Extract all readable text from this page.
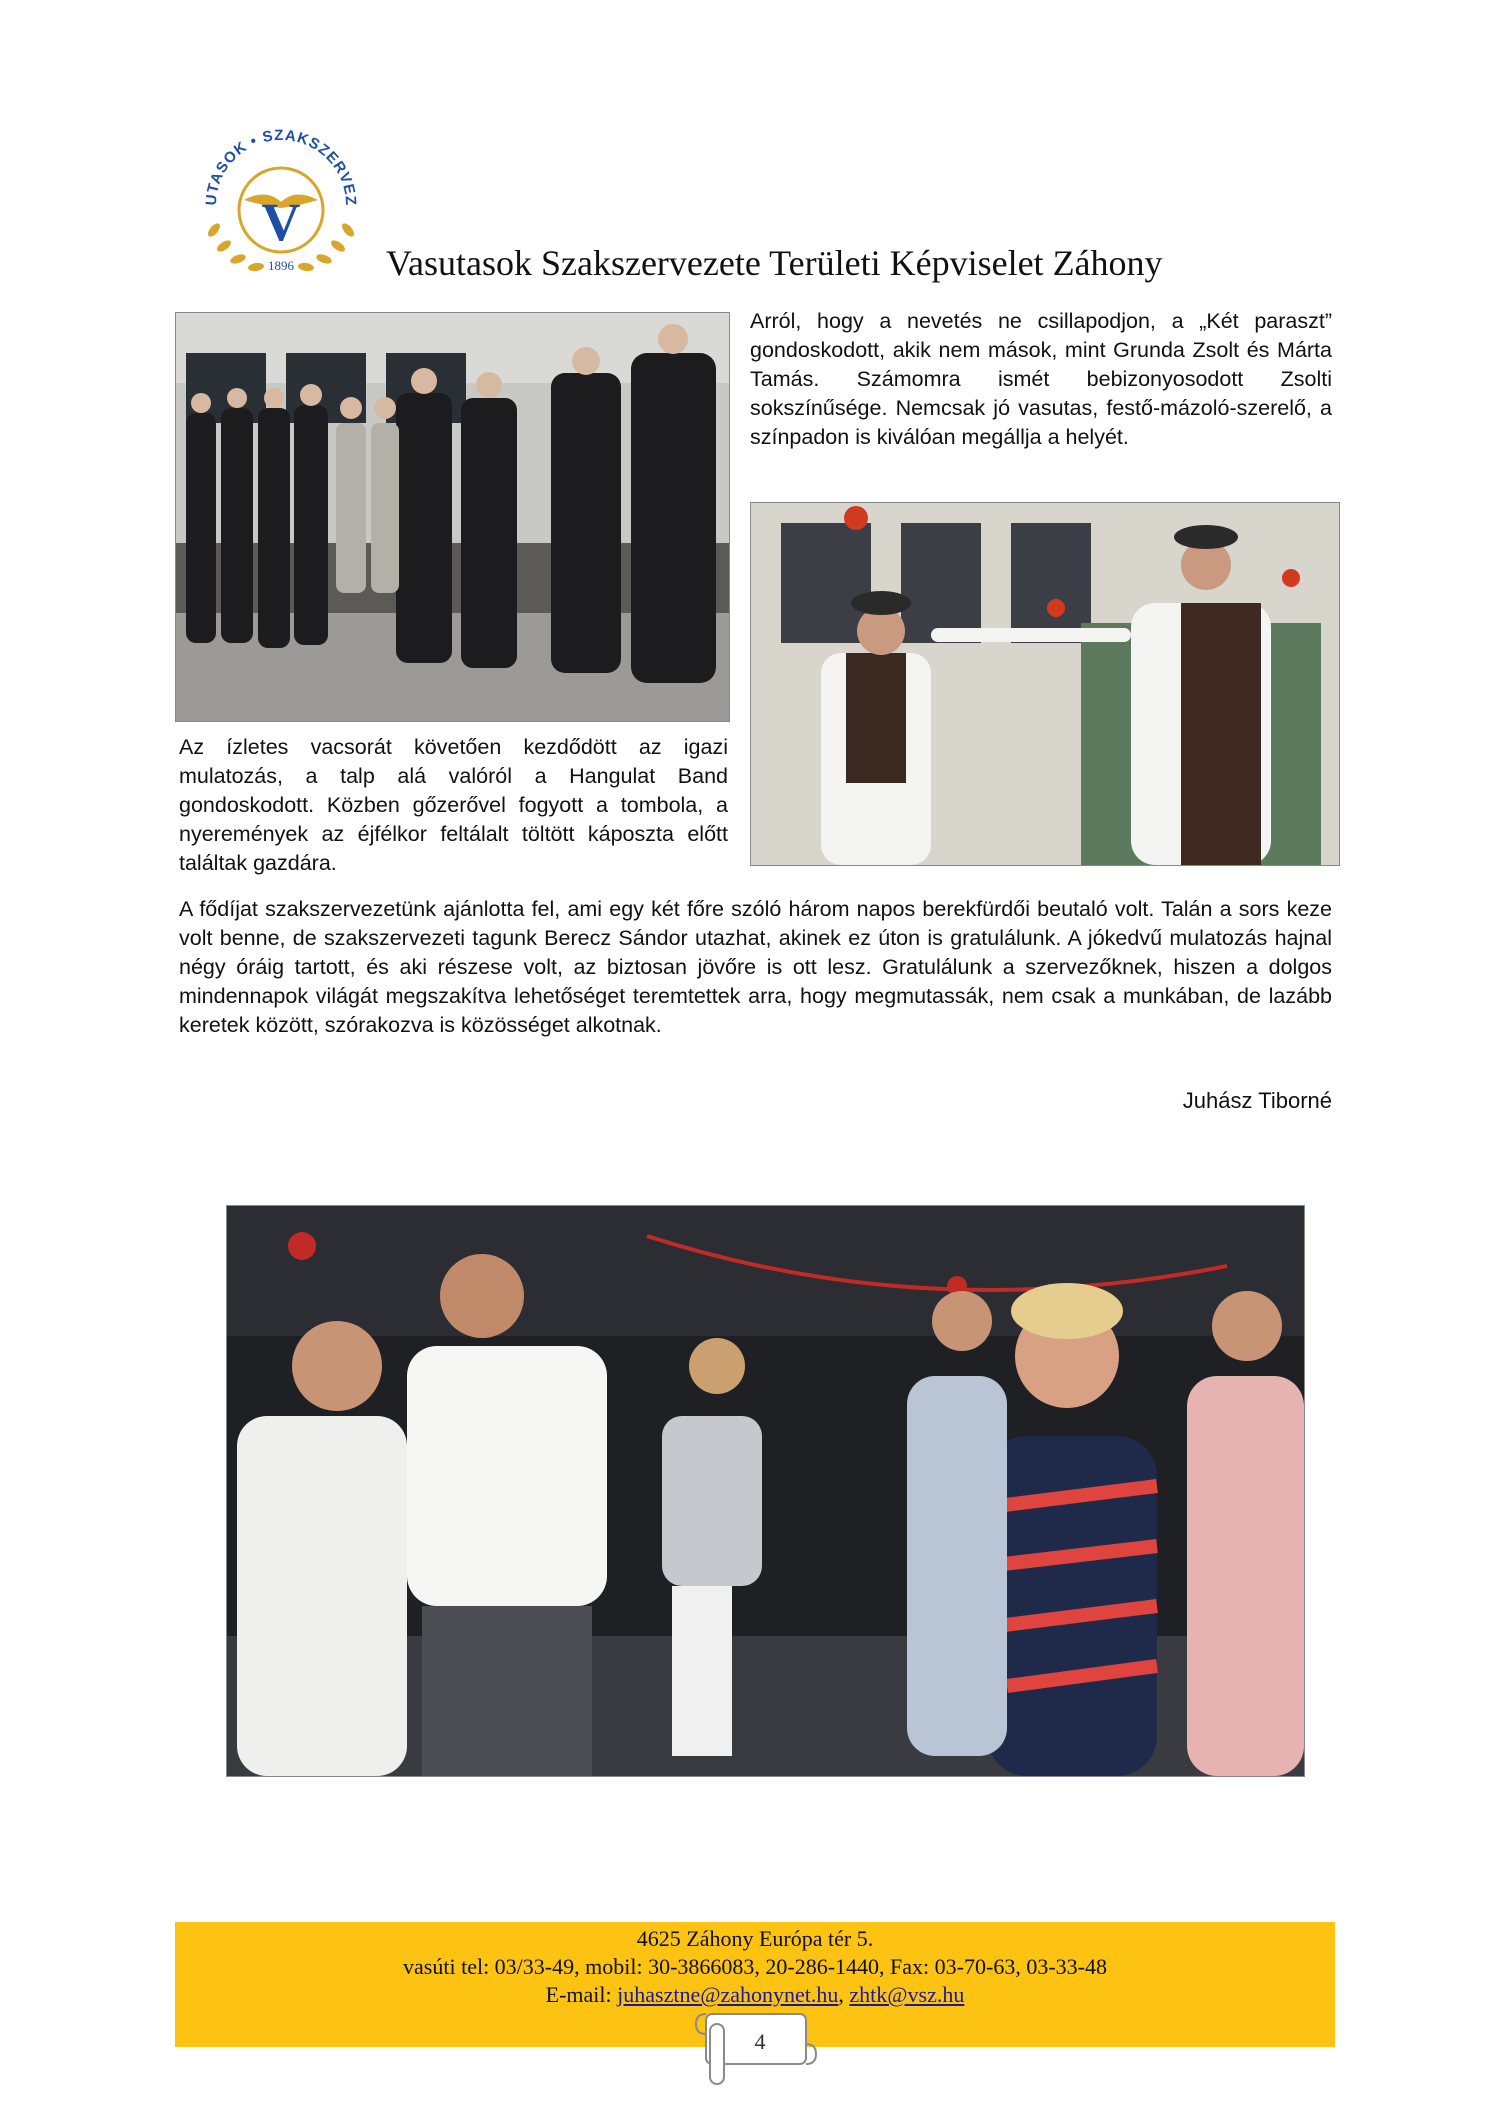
UTASOK • SZAKSZERVEZ
V
1896	Vasutasok Szakszervezete Területi Képviselet Záhony
Arról, hogy a nevetés ne csillapodjon, a „Két paraszt” gondoskodott, akik nem mások, mint Grunda Zsolt és Márta Tamás. Számomra ismét bebizonyosodott Zsolti sokszínűsége. Nemcsak jó vasutas, festő-mázoló-szerelő, a színpadon is kiválóan megállja a helyét.
Az ízletes vacsorát követően kezdődött az igazi mulatozás, a talp alá valóról a Hangulat Band gondoskodott. Közben gőzerővel fogyott a tombola, a nyeremények az éjfélkor feltálalt töltött káposzta előtt találtak gazdára.
A fődíjat szakszervezetünk ajánlotta fel, ami egy két főre szóló három napos berekfürdői beutaló volt. Talán a sors keze volt benne, de szakszervezeti tagunk Berecz Sándor utazhat, akinek ez úton is gratulálunk. A jókedvű mulatozás hajnal négy óráig tartott, és aki részese volt, az biztosan jövőre is ott lesz. Gratulálunk a szervezőknek, hiszen a dolgos mindennapok világát megszakítva lehetőséget teremtettek arra, hogy megmutassák, nem csak a munkában, de lazább keretek között, szórakozva is közösséget alkotnak.
Juhász Tiborné
4625 Záhony Európa tér 5.
vasúti tel: 03/33-49, mobil: 30-3866083, 20-286-1440, Fax: 03-70-63, 03-33-48
E-mail: juhasztne@zahonynet.hu, zhtk@vsz.hu
4
